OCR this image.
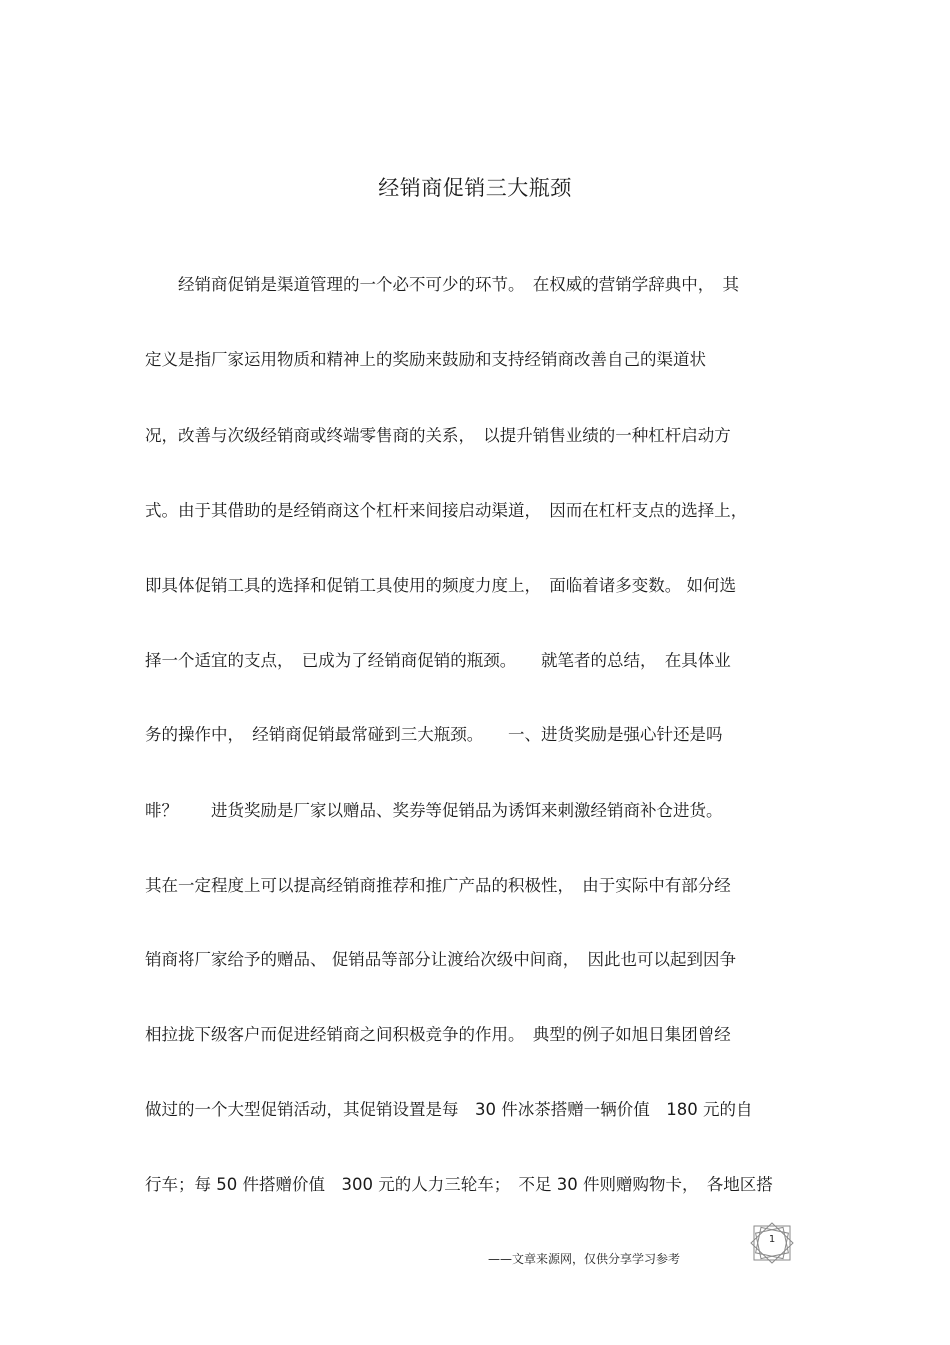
经销商促销三大瓶颈
　　经销商促销是渠道管理的一个必不可少的环节。　在权威的营销学辞典中，　其
定义是指厂家运用物质和精神上的奖励来鼓励和支持经销商改善自己的渠道状
况，改善与次级经销商或终端零售商的关系，　以提升销售业绩的一种杠杆启动方
式。由于其借助的是经销商这个杠杆来间接启动渠道，　因而在杠杆支点的选择上，
即具体促销工具的选择和促销工具使用的频度力度上，　面临着诸多变数。 如何选
择一个适宜的支点，　已成为了经销商促销的瓶颈。　　就笔者的总结，　在具体业
务的操作中，　经销商促销最常碰到三大瓶颈。　　一、进货奖励是强心针还是吗
啡？　　进货奖励是厂家以赠品、奖券等促销品为诱饵来刺激经销商补仓进货。
其在一定程度上可以提高经销商推荐和推广产品的积极性，　由于实际中有部分经
销商将厂家给予的赠品、 促销品等部分让渡给次级中间商，　因此也可以起到因争
相拉拢下级客户而促进经销商之间积极竞争的作用。　典型的例子如旭日集团曾经
做过的一个大型促销活动，其促销设置是每　30 件冰茶搭赠一辆价值　180 元的自
行车；每 50 件搭赠价值　300 元的人力三轮车；　不足 30 件则赠购物卡，　各地区搭
1
——文章来源网，仅供分享学习参考
